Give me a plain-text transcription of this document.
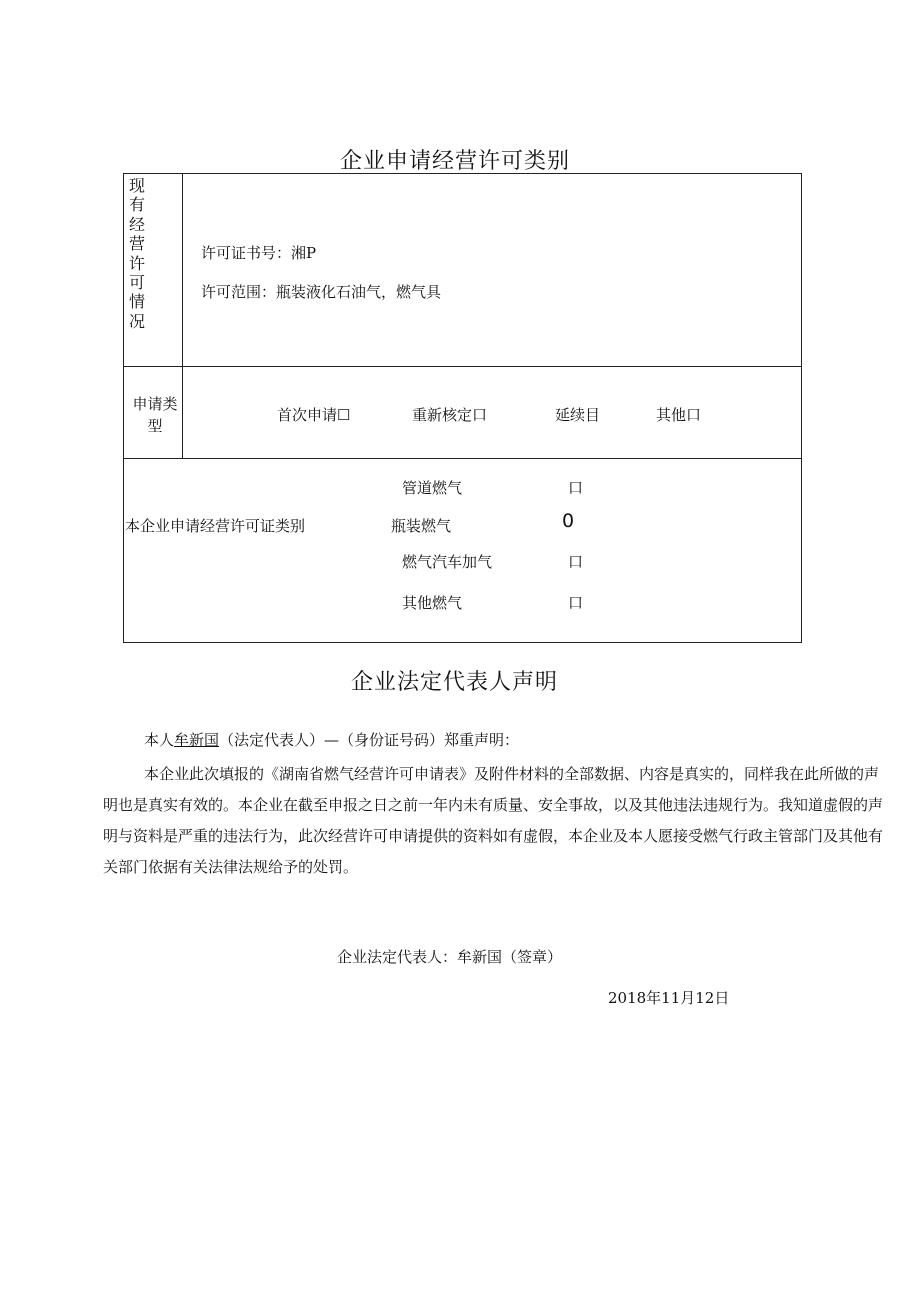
企业申请经营许可类别
现有经营许可情况
许可证书号：湘P
许可范围：瓶装液化石油气，燃气具
申请类型
首次申请☐	重新核定口	延续目	其他口
本企业申请经营许可证类别
管道燃气	口
瓶装燃气	0
燃气汽车加气	口
其他燃气	口
企业法定代表人声明
本人牟新国（法定代表人）—（身份证号码）郑重声明：
本企业此次填报的《湖南省燃气经营许可申请表》及附件材料的全部数据、内容是真实的，同样我在此所做的声明也是真实有效的。本企业在截至申报之日之前一年内未有质量、安全事故，以及其他违法违规行为。我知道虚假的声明与资料是严重的违法行为，此次经营许可申请提供的资料如有虚假，本企业及本人愿接受燃气行政主管部门及其他有关部门依据有关法律法规给予的处罚。
企业法定代表人：牟新国（签章）
2018年11月12日
